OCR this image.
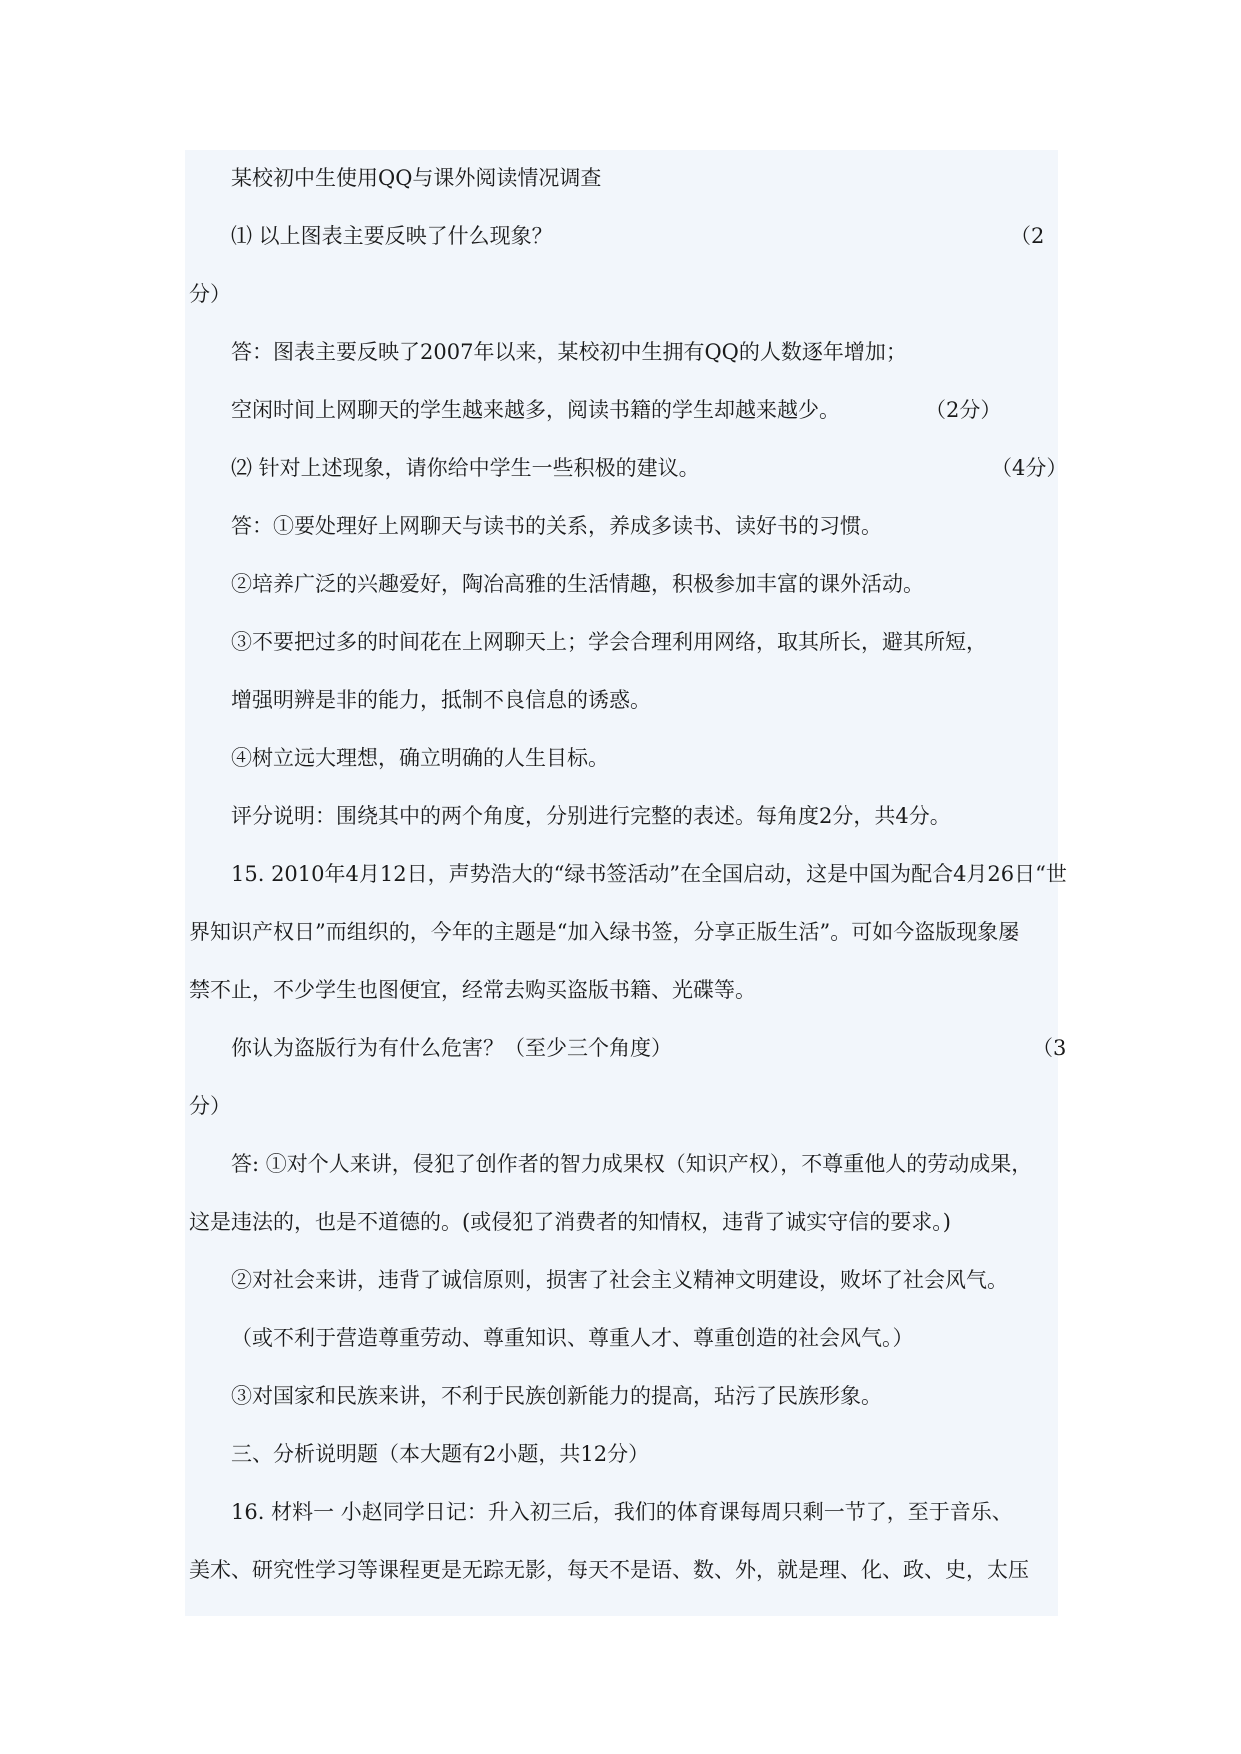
某校初中生使用QQ与课外阅读情况调查
⑴ 以上图表主要反映了什么现象？	（2
分）
答：图表主要反映了2007年以来，某校初中生拥有QQ的人数逐年增加；
空闲时间上网聊天的学生越来越多，阅读书籍的学生却越来越少。	（2分）
⑵ 针对上述现象，请你给中学生一些积极的建议。	（4分）
答：①要处理好上网聊天与读书的关系，养成多读书、读好书的习惯。
②培养广泛的兴趣爱好，陶冶高雅的生活情趣，积极参加丰富的课外活动。
③不要把过多的时间花在上网聊天上；学会合理利用网络，取其所长，避其所短，
增强明辨是非的能力，抵制不良信息的诱惑。
④树立远大理想，确立明确的人生目标。
评分说明：围绕其中的两个角度，分别进行完整的表述。每角度2分，共4分。
15. 2010年4月12日，声势浩大的“绿书签活动”在全国启动，这是中国为配合4月26日“世
界知识产权日”而组织的，今年的主题是“加入绿书签，分享正版生活”。可如今盗版现象屡
禁不止，不少学生也图便宜，经常去购买盗版书籍、光碟等。
你认为盗版行为有什么危害？（至少三个角度）	（3
分）
答: ①对个人来讲，侵犯了创作者的智力成果权（知识产权），不尊重他人的劳动成果，
这是违法的，也是不道德的。(或侵犯了消费者的知情权，违背了诚实守信的要求。)
②对社会来讲，违背了诚信原则，损害了社会主义精神文明建设，败坏了社会风气。
（或不利于营造尊重劳动、尊重知识、尊重人才、尊重创造的社会风气。）
③对国家和民族来讲，不利于民族创新能力的提高，玷污了民族形象。
三、分析说明题（本大题有2小题，共12分）
16. 材料一 小赵同学日记：升入初三后，我们的体育课每周只剩一节了，至于音乐、
美术、研究性学习等课程更是无踪无影，每天不是语、数、外，就是理、化、政、史，太压
